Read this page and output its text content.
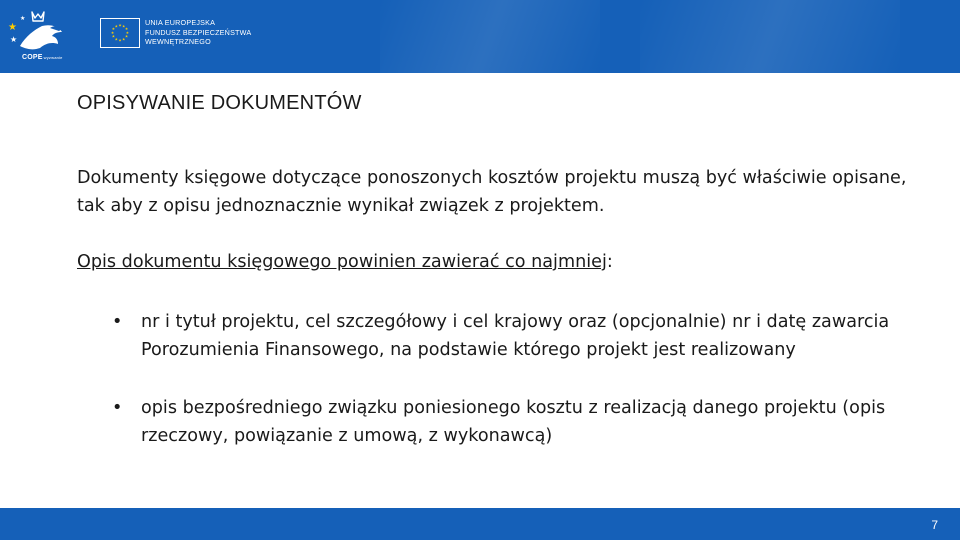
★
★
★
COPEwyzwanie
★ ★
★
★
★
★
★
★
★
★
★
★	UNIA EUROPEJSKA
FUNDUSZ BEZPIECZEŃSTWA
WEWNĘTRZNEGO
OPISYWANIE DOKUMENTÓW
Dokumenty księgowe dotyczące ponoszonych kosztów projektu muszą być właściwie opisane, tak aby z opisu jednoznacznie wynikał związek z projektem.
Opis dokumentu księgowego powinien zawierać co najmniej:
• nr i tytuł projektu, cel szczegółowy i cel krajowy oraz (opcjonalnie) nr i datę zawarcia Porozumienia Finansowego, na podstawie którego projekt jest realizowany
• opis bezpośredniego związku poniesionego kosztu z realizacją danego projektu (opis rzeczowy, powiązanie z umową, z wykonawcą)
7
